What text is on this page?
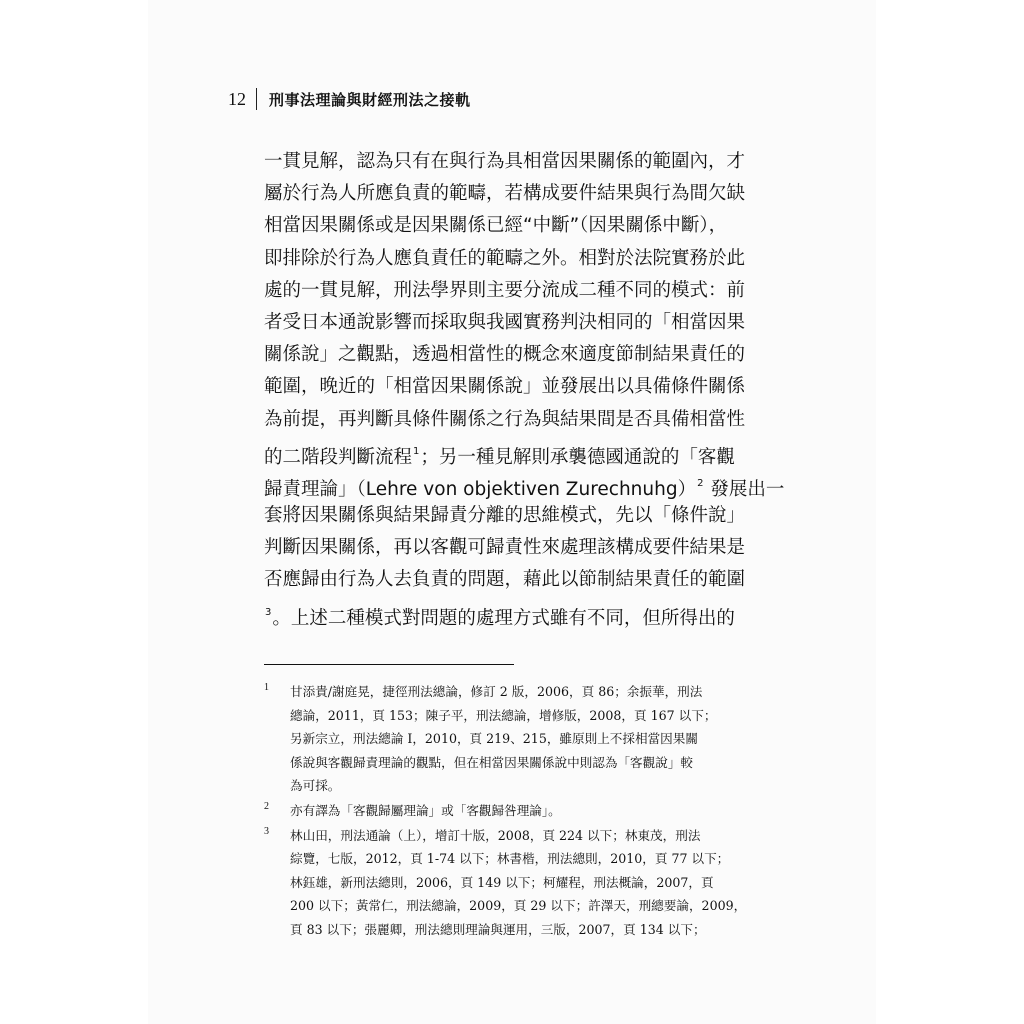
12 刑事法理論與財經刑法之接軌
一貫見解，認為只有在與行為具相當因果關係的範圍內，才
屬於行為人所應負責的範疇，若構成要件結果與行為間欠缺
相當因果關係或是因果關係已經“中斷”（因果關係中斷），
即排除於行為人應負責任的範疇之外。相對於法院實務於此
處的一貫見解，刑法學界則主要分流成二種不同的模式：前
者受日本通說影響而採取與我國實務判決相同的「相當因果
關係說」之觀點，透過相當性的概念來適度節制結果責任的
範圍，晚近的「相當因果關係說」並發展出以具備條件關係
為前提，再判斷具條件關係之行為與結果間是否具備相當性
的二階段判斷流程$^1$；另一種見解則承襲德國通說的「客觀
歸責理論」（Lehre von objektiven Zurechnuhg）$^2$ 發展出一
套將因果關係與結果歸責分離的思維模式，先以「條件說」
判斷因果關係，再以客觀可歸責性來處理該構成要件結果是
否應歸由行為人去負責的問題，藉此以節制結果責任的範圍
$^3$。上述二種模式對問題的處理方式雖有不同，但所得出的
1 甘添貴/謝庭晃，捷徑刑法總論，修訂 2 版，2006，頁 86；余振華，刑法
總論，2011，頁 153；陳子平，刑法總論，增修版，2008，頁 167 以下；
另新宗立，刑法總論 I，2010，頁 219、215，雖原則上不採相當因果關
係說與客觀歸責理論的觀點，但在相當因果關係說中則認為「客觀說」較
為可採。
2 亦有譯為「客觀歸屬理論」或「客觀歸咎理論」。
3 林山田，刑法通論（上），增訂十版，2008，頁 224 以下；林東茂，刑法
綜覽，七版，2012，頁 1-74 以下；林書楷，刑法總則，2010，頁 77 以下；
林鈺雄，新刑法總則，2006，頁 149 以下；柯耀程，刑法概論，2007，頁
200 以下；黃常仁，刑法總論，2009，頁 29 以下；許澤天，刑總要論，2009，
頁 83 以下；張麗卿，刑法總則理論與運用，三版，2007，頁 134 以下；
